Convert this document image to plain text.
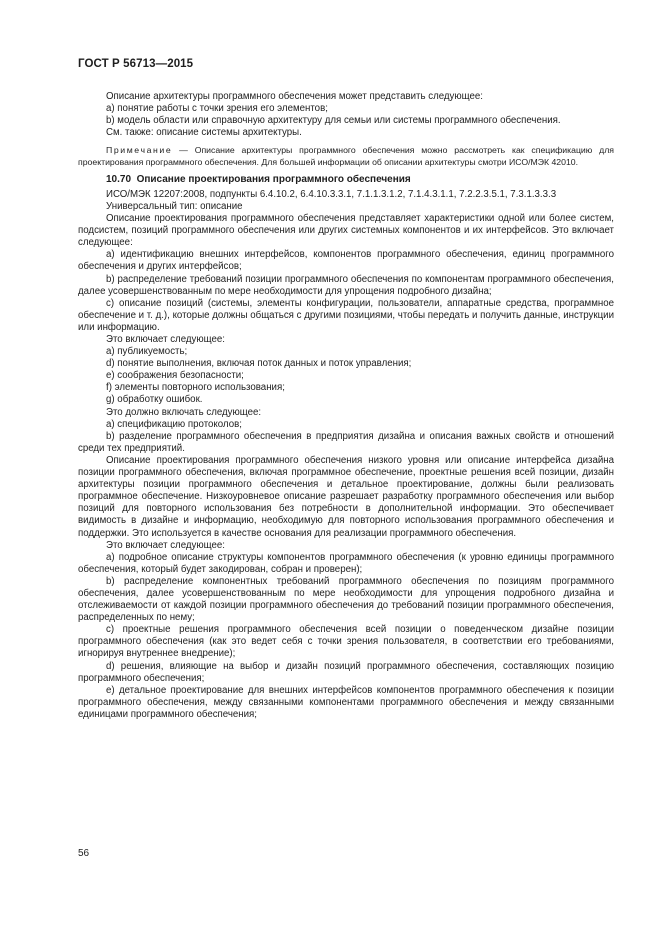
ГОСТ Р 56713—2015

Описание архитектуры программного обеспечения может представить следующее:

a) понятие работы с точки зрения его элементов;

b) модель области или справочную архитектуру для семьи или системы программного обеспечения.

См. также: описание системы архитектуры.

Примечание — Описание архитектуры программного обеспечения можно рассмотреть как спецификацию для проектирования программного обеспечения. Для большей информации об описании архитектуры смотри ИСО/МЭК 42010.

10.70 Описание проектирования программного обеспечения

ИСО/МЭК 12207:2008, подпункты 6.4.10.2, 6.4.10.3.3.1, 7.1.1.3.1.2, 7.1.4.3.1.1, 7.2.2.3.5.1, 7.3.1.3.3.3

Универсальный тип: описание

Описание проектирования программного обеспечения представляет характеристики одной или более систем, подсистем, позиций программного обеспечения или других системных компонентов и их интерфейсов. Это включает следующее:

a) идентификацию внешних интерфейсов, компонентов программного обеспечения, единиц программного обеспечения и других интерфейсов;

b) распределение требований позиции программного обеспечения по компонентам программного обеспечения, далее усовершенствованным по мере необходимости для упрощения подробного дизайна;

c) описание позиций (системы, элементы конфигурации, пользователи, аппаратные средства, программное обеспечение и т. д.), которые должны общаться с другими позициями, чтобы передать и получить данные, инструкции или информацию.

Это включает следующее:

a) публикуемость;

d) понятие выполнения, включая поток данных и поток управления;

e) соображения безопасности;

f) элементы повторного использования;

g) обработку ошибок.

Это должно включать следующее:

a) спецификацию протоколов;

b) разделение программного обеспечения в предприятия дизайна и описания важных свойств и отношений среди тех предприятий.

Описание проектирования программного обеспечения низкого уровня или описание интерфейса дизайна позиции программного обеспечения, включая программное обеспечение, проектные решения всей позиции, дизайн архитектуры позиции программного обеспечения и детальное проектирование, должны были реализовать программное обеспечение. Низкоуровневое описание разрешает разработку программного обеспечения или выбор позиций для повторного использования без потребности в дополнительной информации. Это обеспечивает видимость в дизайне и информацию, необходимую для повторного использования программного обеспечения и поддержки. Это используется в качестве основания для реализации программного обеспечения.

Это включает следующее:

a) подробное описание структуры компонентов программного обеспечения (к уровню единицы программного обеспечения, который будет закодирован, собран и проверен);

b) распределение компонентных требований программного обеспечения по позициям программного обеспечения, далее усовершенствованным по мере необходимости для упрощения подробного дизайна и отслеживаемости от каждой позиции программного обеспечения до требований позиции программного обеспечения, распределенных по нему;

c) проектные решения программного обеспечения всей позиции о поведенческом дизайне позиции программного обеспечения (как это ведет себя с точки зрения пользователя, в соответствии его требованиями, игнорируя внутреннее внедрение);

d) решения, влияющие на выбор и дизайн позиций программного обеспечения, составляющих позицию программного обеспечения;

e) детальное проектирование для внешних интерфейсов компонентов программного обеспечения к позиции программного обеспечения, между связанными компонентами программного обеспечения и между связанными единицами программного обеспечения;

56
